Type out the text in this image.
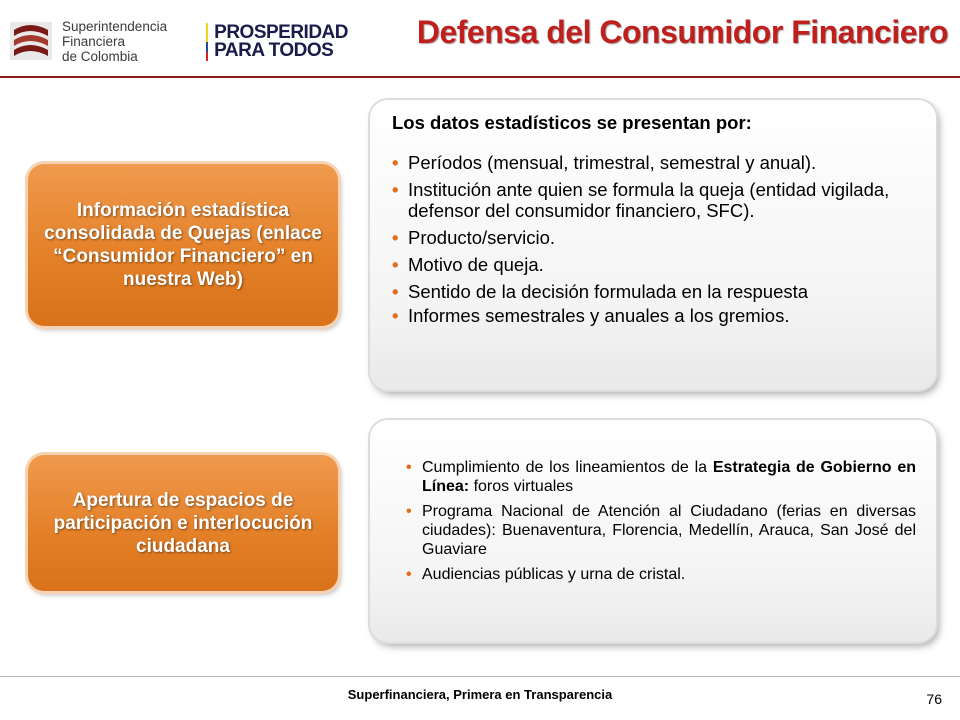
Superintendencia
Financiera
de Colombia
PROSPERIDAD
PARA TODOS
Defensa del Consumidor Financiero
Información estadística consolidada de Quejas (enlace “Consumidor Financiero” en nuestra Web)
Apertura de espacios de participación e interlocución ciudadana
Los datos estadísticos se presentan por:
• Períodos (mensual, trimestral, semestral y anual).
• Institución ante quien se formula la queja (entidad vigilada, defensor del consumidor financiero, SFC).
• Producto/servicio.
• Motivo de queja.
• Sentido de la decisión formulada en la respuesta
• Informes semestrales y anuales a los gremios.
• Cumplimiento de los lineamientos de la Estrategia de Gobierno en Línea: foros virtuales
• Programa Nacional de Atención al Ciudadano (ferias en diversas ciudades): Buenaventura, Florencia, Medellín, Arauca, San José del Guaviare
• Audiencias públicas y urna de cristal.
Superfinanciera, Primera en Transparencia	76
